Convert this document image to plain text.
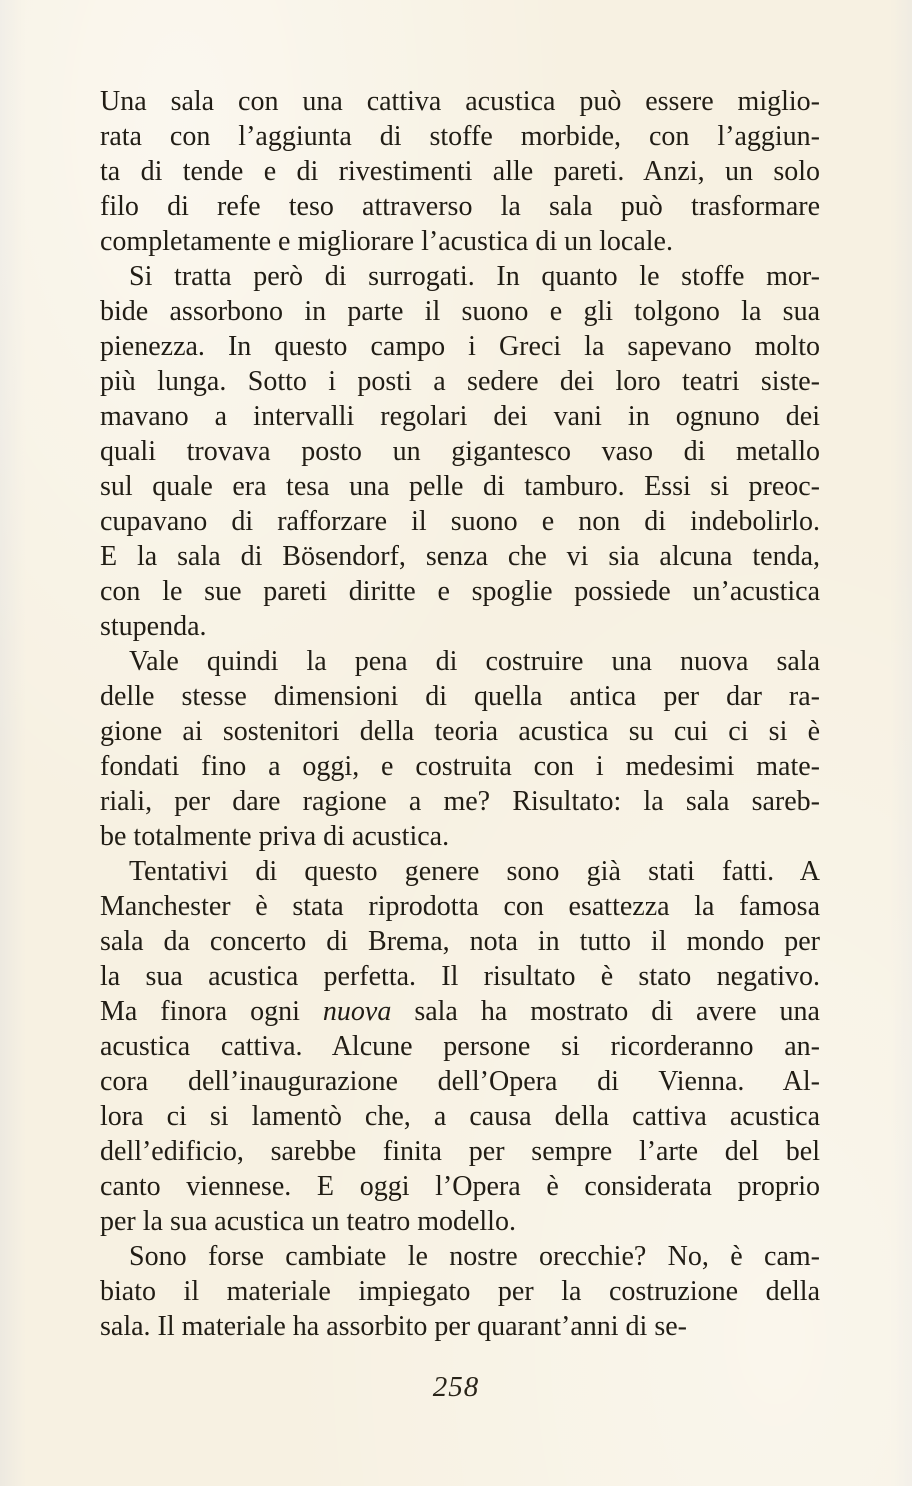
Una sala con una cattiva acustica può essere miglio-
rata con l’aggiunta di stoffe morbide, con l’aggiun-
ta di tende e di rivestimenti alle pareti. Anzi, un solo
filo di refe teso attraverso la sala può trasformare
completamente e migliorare l’acustica di un locale.
Si tratta però di surrogati. In quanto le stoffe mor-
bide assorbono in parte il suono e gli tolgono la sua
pienezza. In questo campo i Greci la sapevano molto
più lunga. Sotto i posti a sedere dei loro teatri siste-
mavano a intervalli regolari dei vani in ognuno dei
quali trovava posto un gigantesco vaso di metallo
sul quale era tesa una pelle di tamburo. Essi si preoc-
cupavano di rafforzare il suono e non di indebolirlo.
E la sala di Bösendorf, senza che vi sia alcuna tenda,
con le sue pareti diritte e spoglie possiede un’acustica
stupenda.
Vale quindi la pena di costruire una nuova sala
delle stesse dimensioni di quella antica per dar ra-
gione ai sostenitori della teoria acustica su cui ci si è
fondati fino a oggi, e costruita con i medesimi mate-
riali, per dare ragione a me? Risultato: la sala sareb-
be totalmente priva di acustica.
Tentativi di questo genere sono già stati fatti. A
Manchester è stata riprodotta con esattezza la famosa
sala da concerto di Brema, nota in tutto il mondo per
la sua acustica perfetta. Il risultato è stato negativo.
Ma finora ogni nuova sala ha mostrato di avere una
acustica cattiva. Alcune persone si ricorderanno an-
cora dell’inaugurazione dell’Opera di Vienna. Al-
lora ci si lamentò che, a causa della cattiva acustica
dell’edificio, sarebbe finita per sempre l’arte del bel
canto viennese. E oggi l’Opera è considerata proprio
per la sua acustica un teatro modello.
Sono forse cambiate le nostre orecchie? No, è cam-
biato il materiale impiegato per la costruzione della
sala. Il materiale ha assorbito per quarant’anni di se-
258
